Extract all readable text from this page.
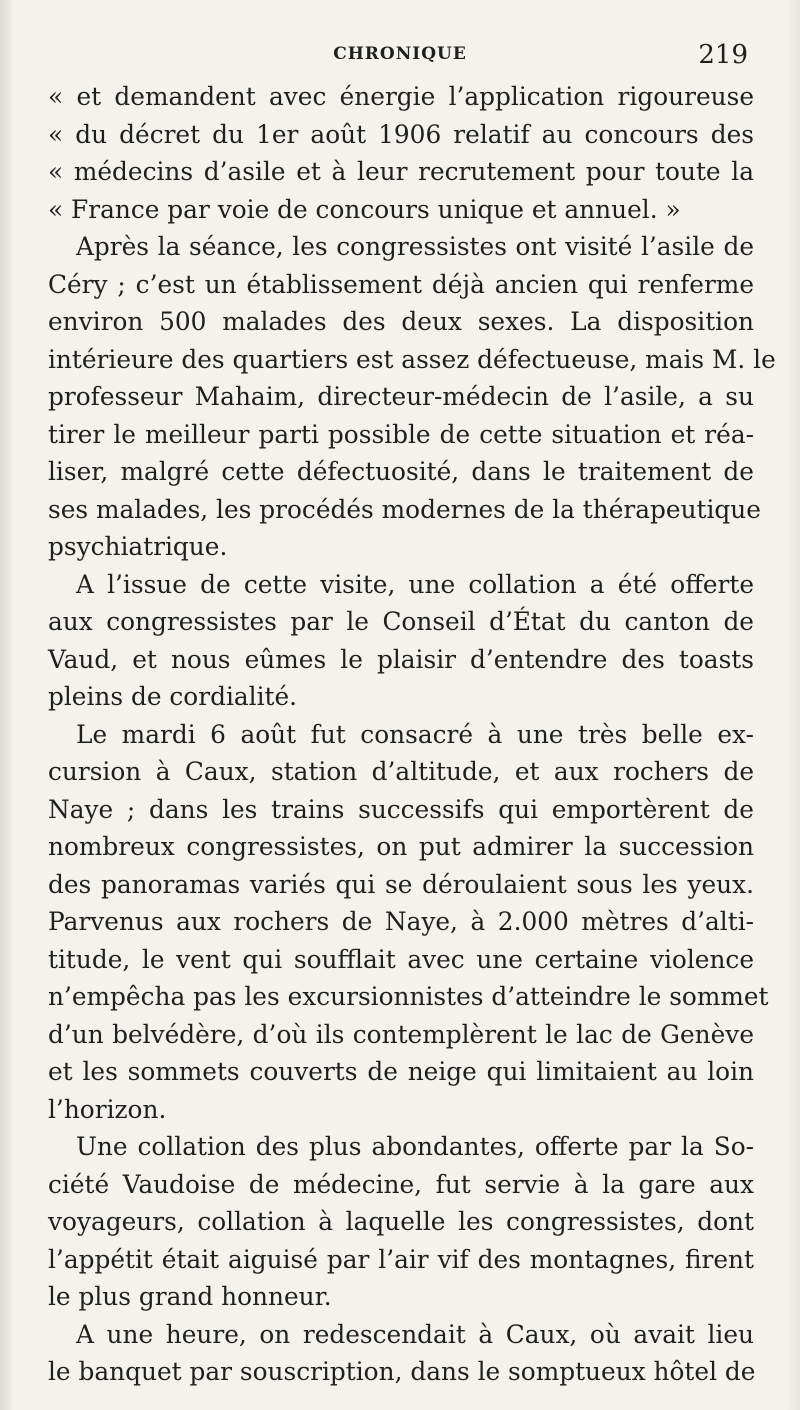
CHRONIQUE	219
« et demandent avec énergie l’application rigoureuse
« du décret du 1er août 1906 relatif au concours des
« médecins d’asile et à leur recrutement pour toute la
« France par voie de concours unique et annuel. »
Après la séance, les congressistes ont visité l’asile de
Céry ; c’est un établissement déjà ancien qui renferme
environ 500 malades des deux sexes. La disposition
intérieure des quartiers est assez défectueuse, mais M. le
professeur Mahaim, directeur-médecin de l’asile, a su
tirer le meilleur parti possible de cette situation et réa-
liser, malgré cette défectuosité, dans le traitement de
ses malades, les procédés modernes de la thérapeutique
psychiatrique.
A l’issue de cette visite, une collation a été offerte
aux congressistes par le Conseil d’État du canton de
Vaud, et nous eûmes le plaisir d’entendre des toasts
pleins de cordialité.
Le mardi 6 août fut consacré à une très belle ex-
cursion à Caux, station d’altitude, et aux rochers de
Naye ; dans les trains successifs qui emportèrent de
nombreux congressistes, on put admirer la succession
des panoramas variés qui se déroulaient sous les yeux.
Parvenus aux rochers de Naye, à 2.000 mètres d’alti-
titude, le vent qui soufflait avec une certaine violence
n’empêcha pas les excursionnistes d’atteindre le sommet
d’un belvédère, d’où ils contemplèrent le lac de Genève
et les sommets couverts de neige qui limitaient au loin
l’horizon.
Une collation des plus abondantes, offerte par la So-
ciété Vaudoise de médecine, fut servie à la gare aux
voyageurs, collation à laquelle les congressistes, dont
l’appétit était aiguisé par l’air vif des montagnes, firent
le plus grand honneur.
A une heure, on redescendait à Caux, où avait lieu
le banquet par souscription, dans le somptueux hôtel de
